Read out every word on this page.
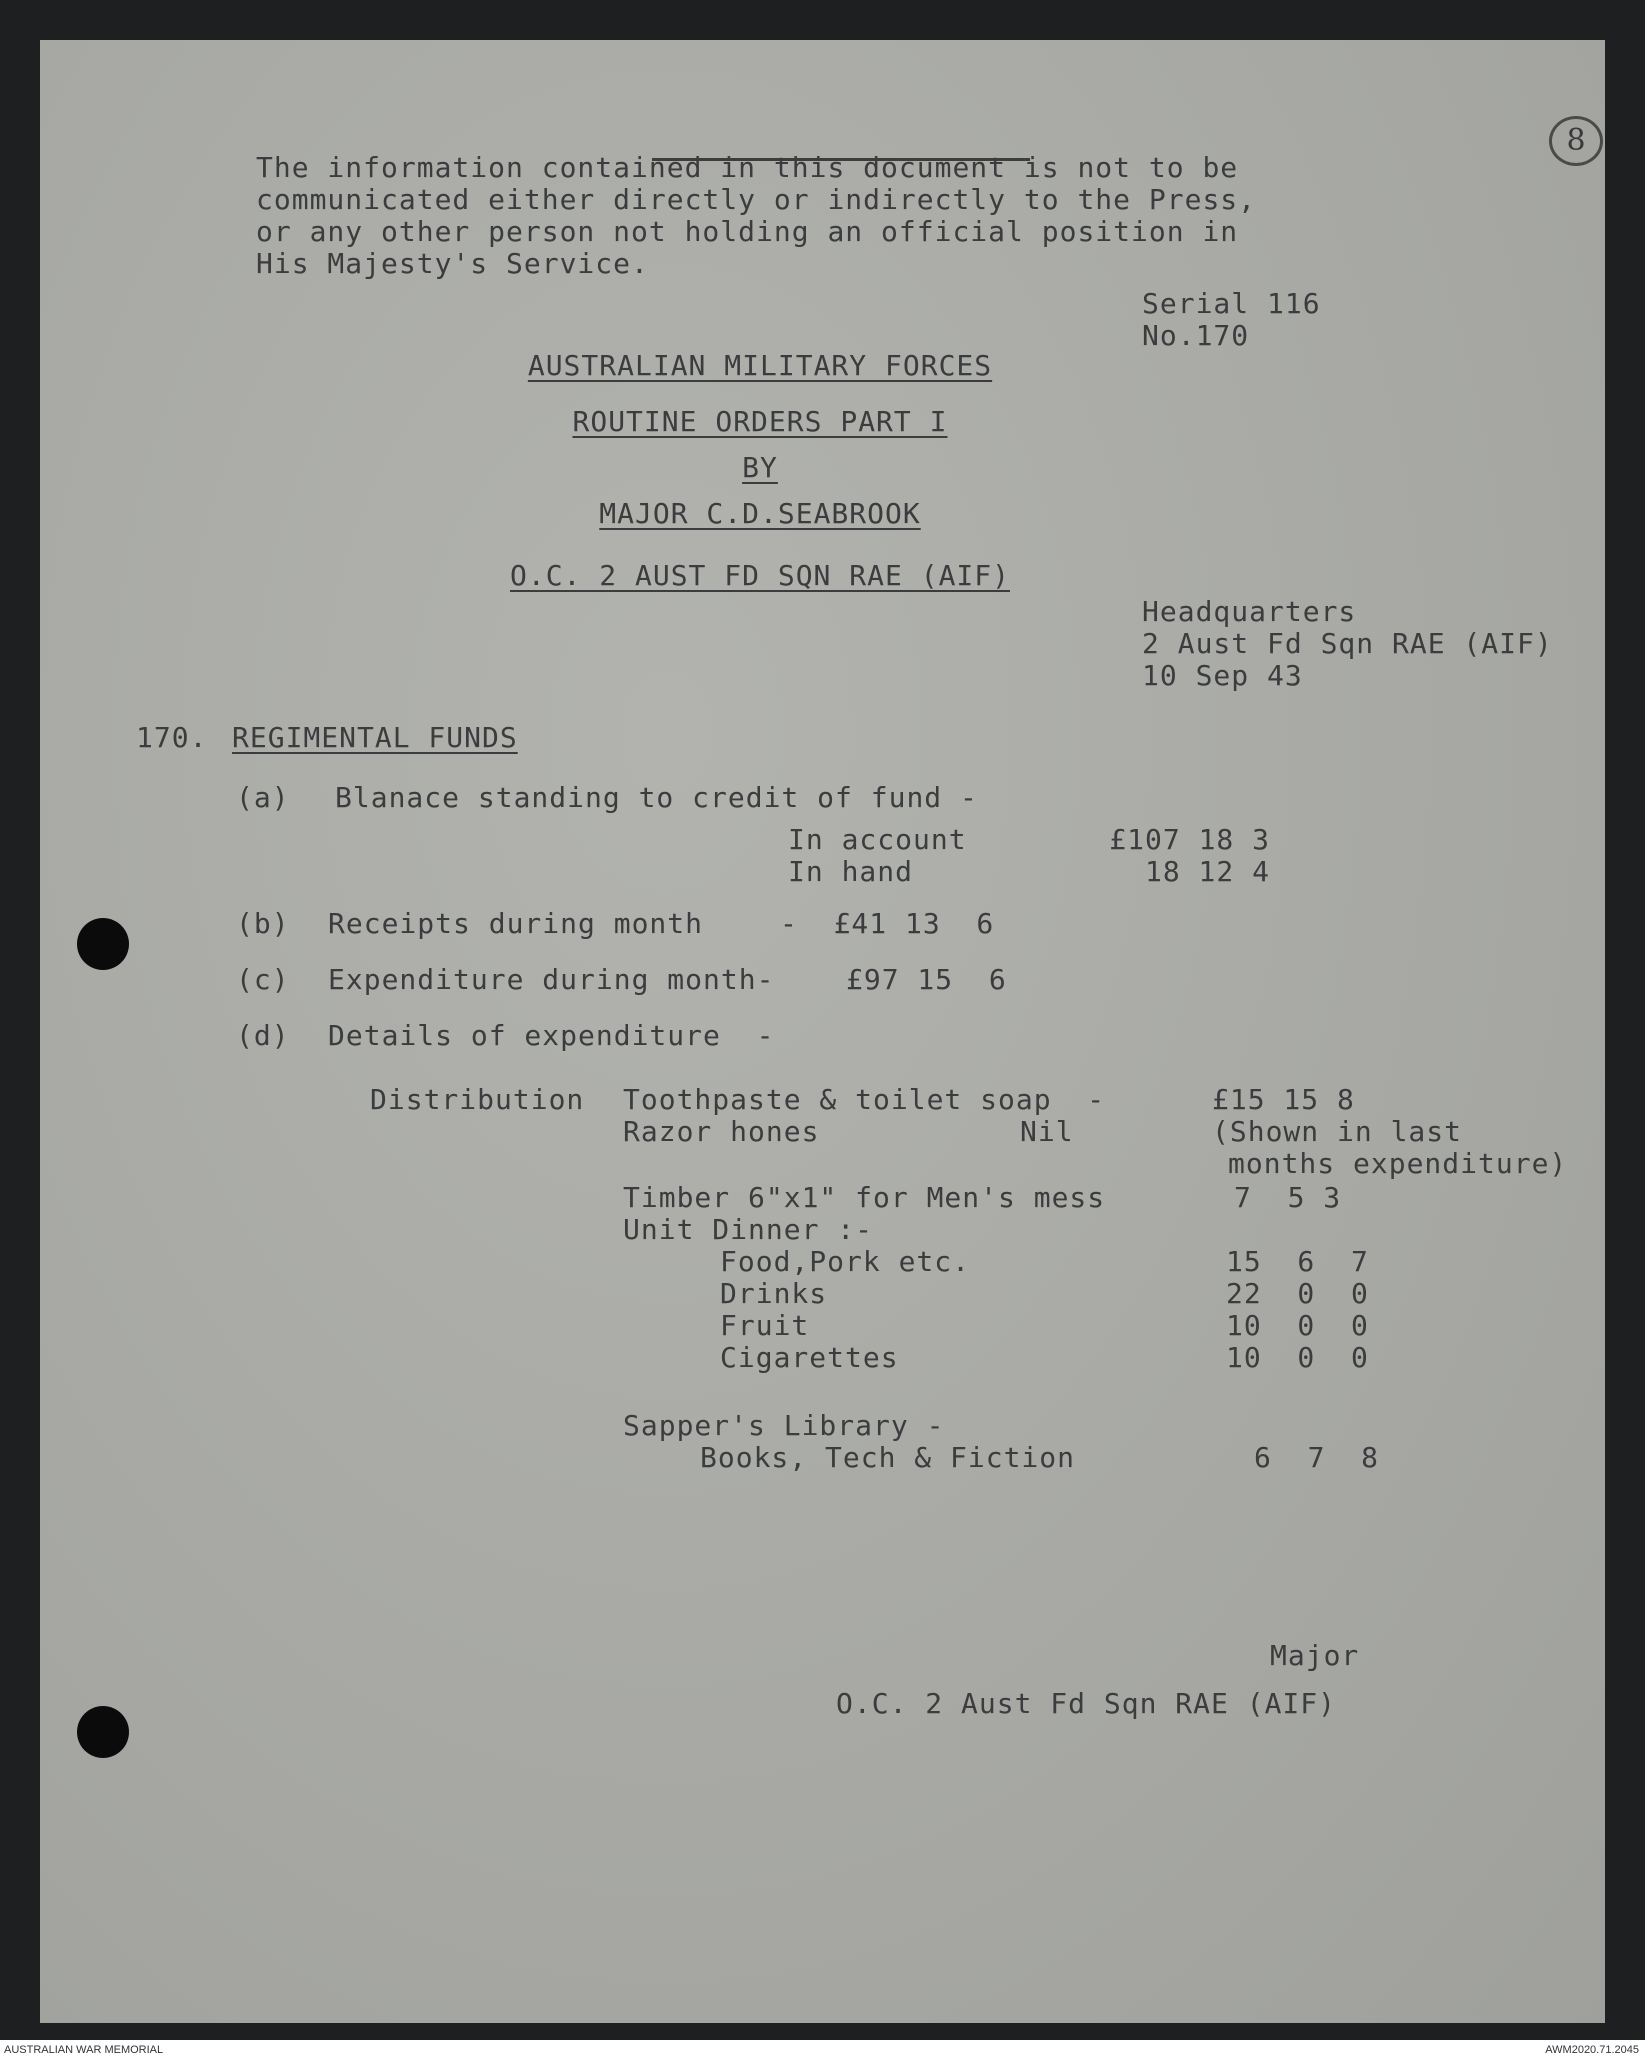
8
The information contained in this document is not to be
communicated either directly or indirectly to the Press,
or any other person not holding an official position in
His Majesty's Service.
Serial 116
No.170
AUSTRALIAN MILITARY FORCES
ROUTINE ORDERS PART I
BY
MAJOR C.D.SEABROOK
O.C. 2 AUST FD SQN RAE (AIF)
Headquarters
2 Aust Fd Sqn RAE (AIF)
10 Sep 43
170. REGIMENTAL FUNDS
(a) Blanace standing to credit of fund -
In account	£107 18 3
In hand	18 12 4
(b) Receipts during month	-  £41 13  6
(c) Expenditure during month-	£97 15  6
(d) Details of expenditure  -
Distribution Toothpaste & toilet soap  -	£15 15 8
Razor hones	Nil	(Shown in last
months expenditure)
Timber 6"x1" for Men's mess	7  5 3
Unit Dinner :-
Food,Pork etc.	15  6  7
Drinks	22  0  0
Fruit	10  0  0
Cigarettes	10  0  0
Sapper's Library -
Books, Tech & Fiction	6  7  8
Major
O.C. 2 Aust Fd Sqn RAE (AIF)
AUSTRALIAN WAR MEMORIAL	AWM2020.71.2045
